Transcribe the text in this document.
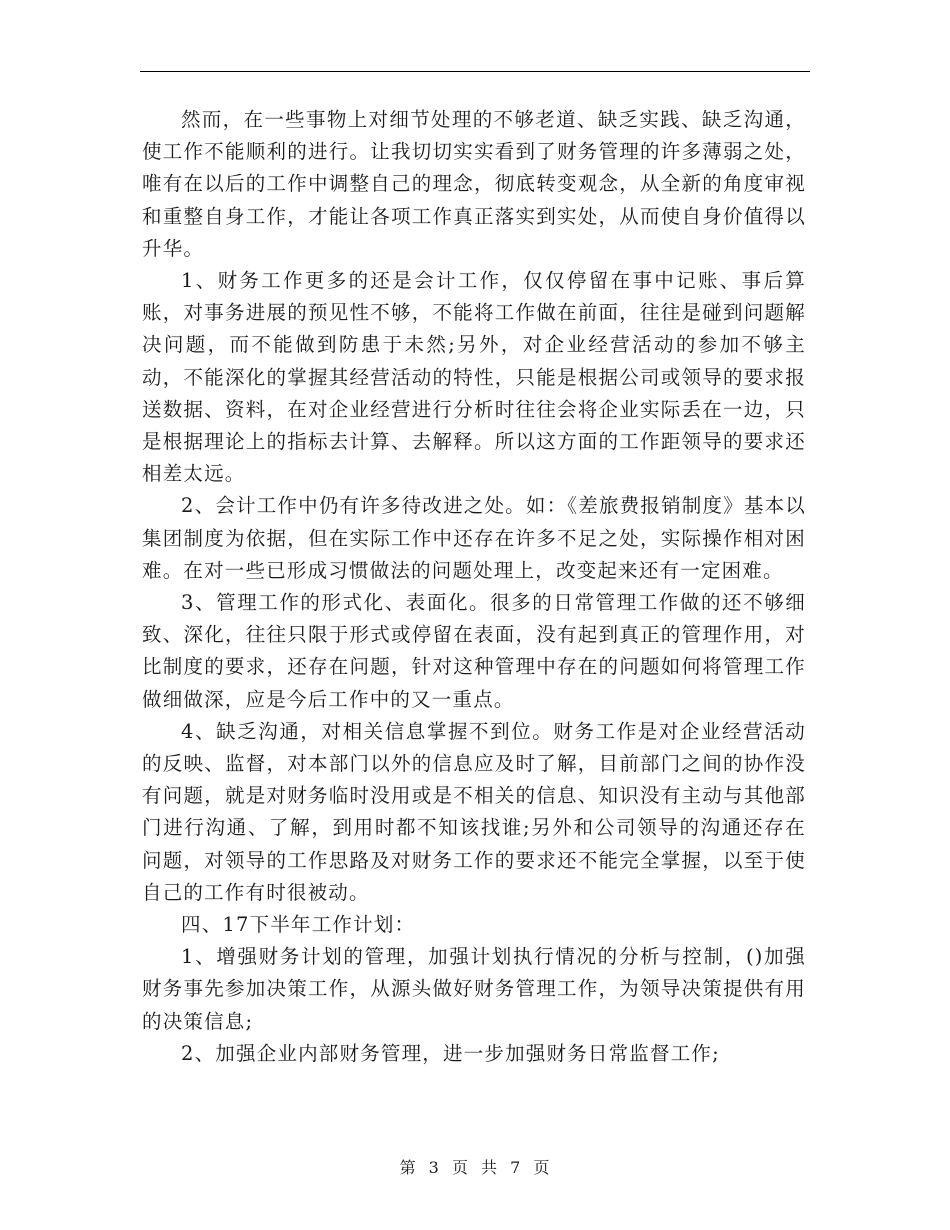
然而，在一些事物上对细节处理的不够老道、缺乏实践、缺乏沟通，使工作不能顺利的进行。让我切切实实看到了财务管理的许多薄弱之处，唯有在以后的工作中调整自己的理念，彻底转变观念，从全新的角度审视和重整自身工作，才能让各项工作真正落实到实处，从而使自身价值得以升华。

1、财务工作更多的还是会计工作，仅仅停留在事中记账、事后算账，对事务进展的预见性不够，不能将工作做在前面，往往是碰到问题解决问题，而不能做到防患于未然;另外，对企业经营活动的参加不够主动，不能深化的掌握其经营活动的特性，只能是根据公司或领导的要求报送数据、资料，在对企业经营进行分析时往往会将企业实际丢在一边，只是根据理论上的指标去计算、去解释。所以这方面的工作距领导的要求还相差太远。

2、会计工作中仍有许多待改进之处。如：《差旅费报销制度》基本以集团制度为依据，但在实际工作中还存在许多不足之处，实际操作相对困难。在对一些已形成习惯做法的问题处理上，改变起来还有一定困难。

3、管理工作的形式化、表面化。很多的日常管理工作做的还不够细致、深化，往往只限于形式或停留在表面，没有起到真正的管理作用，对比制度的要求，还存在问题，针对这种管理中存在的问题如何将管理工作做细做深，应是今后工作中的又一重点。

4、缺乏沟通，对相关信息掌握不到位。财务工作是对企业经营活动的反映、监督，对本部门以外的信息应及时了解，目前部门之间的协作没有问题，就是对财务临时没用或是不相关的信息、知识没有主动与其他部门进行沟通、了解，到用时都不知该找谁;另外和公司领导的沟通还存在问题，对领导的工作思路及对财务工作的要求还不能完全掌握，以至于使自己的工作有时很被动。

四、17下半年工作计划：

1、增强财务计划的管理，加强计划执行情况的分析与控制，()加强财务事先参加决策工作，从源头做好财务管理工作，为领导决策提供有用的决策信息;

2、加强企业内部财务管理，进一步加强财务日常监督工作;

第 3 页 共 7 页
